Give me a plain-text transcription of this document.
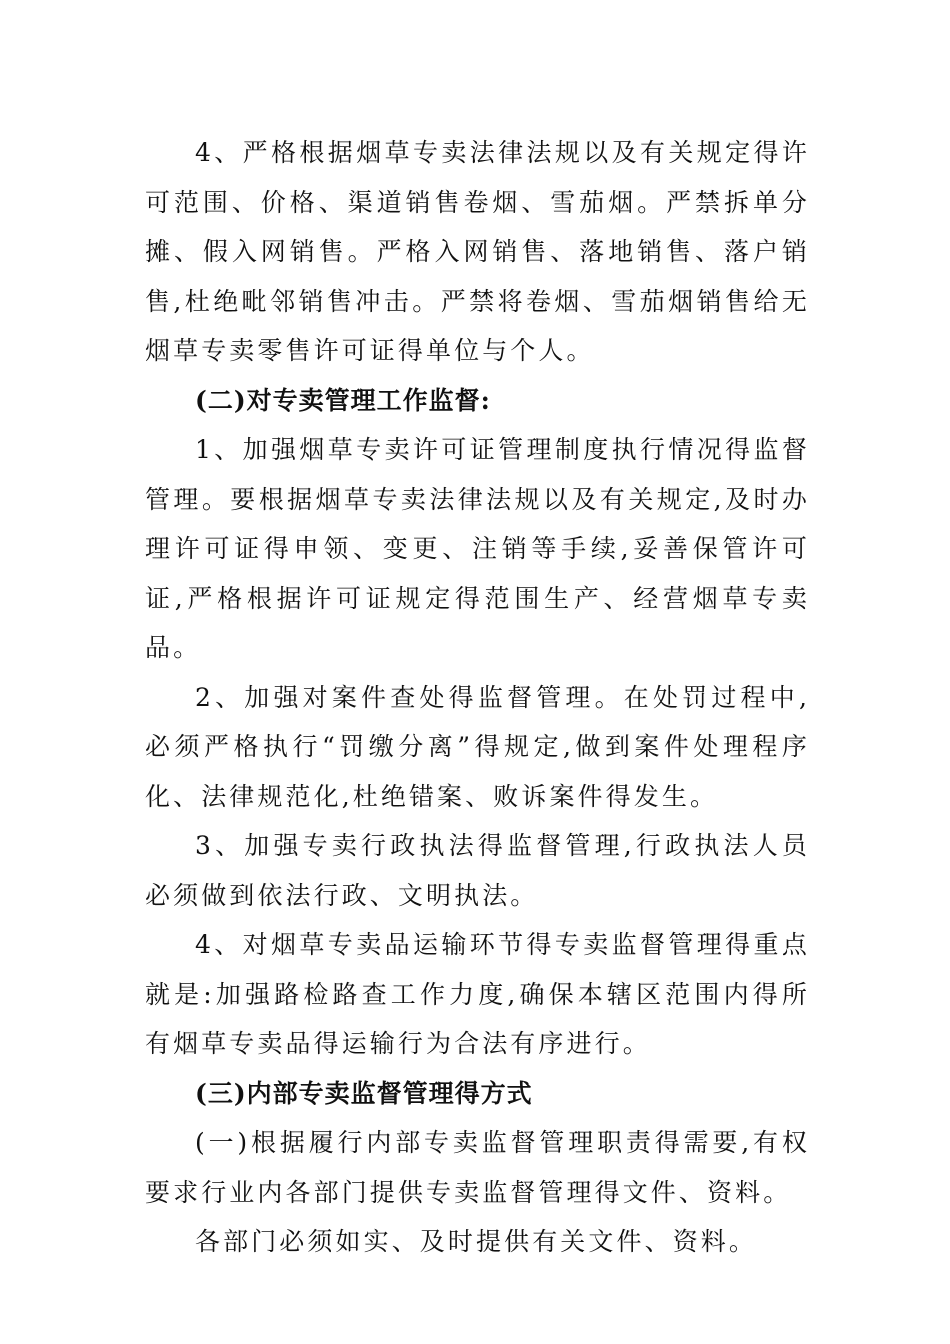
4、严格根据烟草专卖法律法规以及有关规定得许可范围、价格、渠道销售卷烟、雪茄烟。严禁拆单分摊、假入网销售。严格入网销售、落地销售、落户销售,杜绝毗邻销售冲击。严禁将卷烟、雪茄烟销售给无烟草专卖零售许可证得单位与个人。

(二)对专卖管理工作监督:

1、加强烟草专卖许可证管理制度执行情况得监督管理。要根据烟草专卖法律法规以及有关规定,及时办理许可证得申领、变更、注销等手续,妥善保管许可证,严格根据许可证规定得范围生产、经营烟草专卖品。

2、加强对案件查处得监督管理。在处罚过程中,必须严格执行“罚缴分离”得规定,做到案件处理程序化、法律规范化,杜绝错案、败诉案件得发生。

3、加强专卖行政执法得监督管理,行政执法人员必须做到依法行政、文明执法。

4、对烟草专卖品运输环节得专卖监督管理得重点就是:加强路检路查工作力度,确保本辖区范围内得所有烟草专卖品得运输行为合法有序进行。

(三)内部专卖监督管理得方式

(一)根据履行内部专卖监督管理职责得需要,有权要求行业内各部门提供专卖监督管理得文件、资料。

各部门必须如实、及时提供有关文件、资料。
